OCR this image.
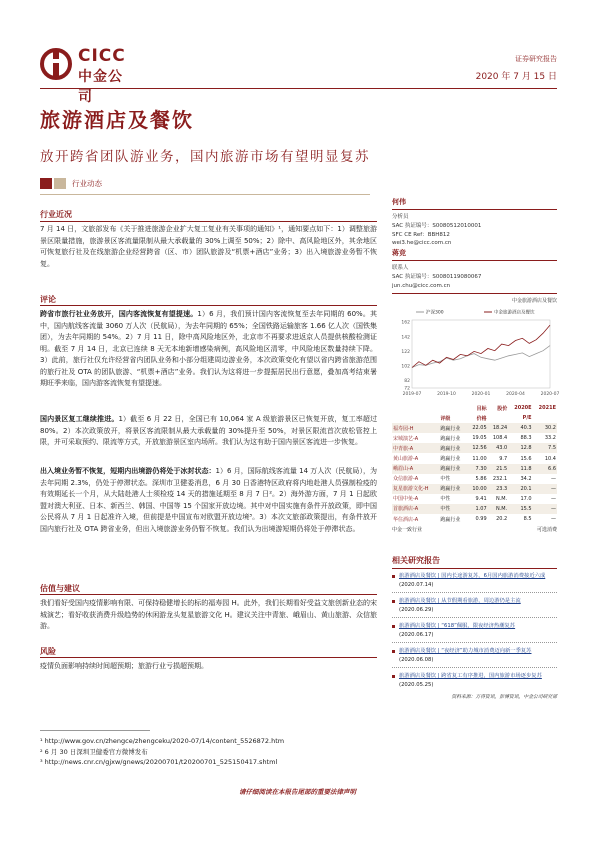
CICC
中金公司
证券研究报告
2020 年 7 月 15 日
旅游酒店及餐饮
放开跨省团队游业务，国内旅游市场有望明显复苏
行业动态
行业近况
7 月 14 日，文旅部发布《关于推进旅游企业扩大复工复业有关事项的通知》¹，通知要点如下：1）调整旅游景区限量措施，旅游景区客流量限制从最大承载量的 30%上调至 50%；2）除中、高风险地区外，其余地区可恢复旅行社及在线旅游企业经营跨省（区、市）团队旅游及“机票+酒店”业务；3）出入境旅游业务暂不恢复。
评论
跨省市旅行社业务放开，国内客流恢复有望提速。1）6 月，我们预计国内客流恢复至去年同期的 60%。其中，国内航线客流量 3060 万人次（民航局），为去年同期的 65%；全国铁路运输旅客 1.66 亿人次（国铁集团），为去年同期的 54%。2）7 月 11 日，除中高风险地区外，北京市不再要求进返京人员提供核酸检测证明。截至 7 月 14 日，北京已连续 8 天无本地新增感染病例，高风险地区清零，中风险地区数量持续下降。3）此前，旅行社仅允许经营省内团队业务和小部分组建周边游业务，本次政策变化有望以省内跨省旅游范围的旅行社及 OTA 的团队旅游、“机票+酒店”业务。我们认为这将进一步提振居民出行意愿，叠加高考结束暑期旺季来临，国内游客流恢复有望提速。
国内景区复工继续推进。1）截至 6 月 22 日，全国已有 10,064 家 A 级旅游景区已恢复开放，复工率超过 80%。2）本次政策放开，将景区客流限制从最大承载量的 30%提升至 50%，对景区限流首次放松管控上限，并可采取预约、限流等方式，开放旅游景区室内场所。我们认为这有助于国内景区客流进一步恢复。
出入境业务暂不恢复，短期内出境游仍将处于冰封状态：1）6 月，国际航线客流量 14 万人次（民航局），为去年同期 2.3%，仍处于停滞状态。深圳市卫健委消息，6 月 30 日香港特区政府将内地赴港人员强制检疫的有效期延长一个月，从大陆赴港人士须检疫 14 天的措施延期至 8 月 7 日²。2）海外游方面，7 月 1 日起欧盟对澳大利亚、日本、新西兰、韩国、中国等 15 个国家开放边境。其中对中国实施有条件开放政策，即中国公民将从 7 月 1 日起准许入境，但前提是中国宣布对欧盟开放边境³。3）本次文旅部政策提出，有条件放开国内旅行社及 OTA 跨省业务，但出入境旅游业务仍暂不恢复。我们认为出境游短期仍将处于停滞状态。
估值与建议
我们看好受国内疫情影响有限、可保持稳健增长的标的福寿园 H。此外，我们长期看好受益文旅创新业态的宋城演艺；看好收获消费升级趋势的休闲游龙头复星旅游文化 H。建议关注中青旅、峨眉山、黄山旅游、众信旅游。
风险
疫情负面影响持续时间超预期；旅游行业亏损超预期。
何伟
分析员
SAC 执证编号：S0080512010001
SFC CE Ref：BBH812
wei3.he@cicc.com.cn
蒋竞
联系人
SAC 执证编号：S0080119080067
jun.chu@cicc.com.cn
中金旅游酒店及餐饮
162
142
122
102
82
72
2019-07	2019-10	2020-01	2020-04	2020-07
沪深300	中金旅游酒店及餐饮
		目标	股价	2020E	2021E
	评级	价格		P/E	
福寿园-H	跑赢行业	22.05	18.24	40.3	30.2
宋城演艺-A	跑赢行业	19.05	108.4	88.3	33.2
中青旅-A	跑赢行业	12.56	43.0	12.8	7.5
黄山旅游-A	跑赢行业	11.00	9.7	15.6	10.4
峨眉山-A	跑赢行业	7.30	21.5	11.8	6.6
众信旅游-A	中性	5.86	232.1	34.2	—
复星旅游文化-H	跑赢行业	10.00	23.3	20.1	—
中国中免-A	中性	9.41	N.M.	17.0	—
首旅酒店-A	中性	1.07	N.M.	15.5	—
华住酒店-A	跑赢行业	0.99	20.2	8.5	—
中金一致行业	可选消费
相关研究报告
旅游酒店及餐饮 | 国内长途游复苏，6月国内旅游消费接近六成
(2020.07.14)
旅游酒店及餐饮 | 从节假期看旅游，周边游仍是主流
(2020.06.29)
旅游酒店及餐饮 | “618”佩服，限夜经济热潮复苏
(2020.06.17)
旅游酒店及餐饮 | “夜经济”助力城市消费迈向新一季复苏
(2020.06.08)
旅游酒店及餐饮 | 跨省复工有序推进，国内旅游市场逐步复苏
(2020.05.25)
资料来源：万得资讯，彭博资讯，中金公司研究部
¹ http://www.gov.cn/zhengce/zhengceku/2020-07/14/content_5526872.htm
² 6 月 30 日深圳卫健委官方微博发布
³ http://news.cnr.cn/gjxw/gnews/20200701/t20200701_525150417.shtml
请仔细阅读在本报告尾部的重要法律声明
